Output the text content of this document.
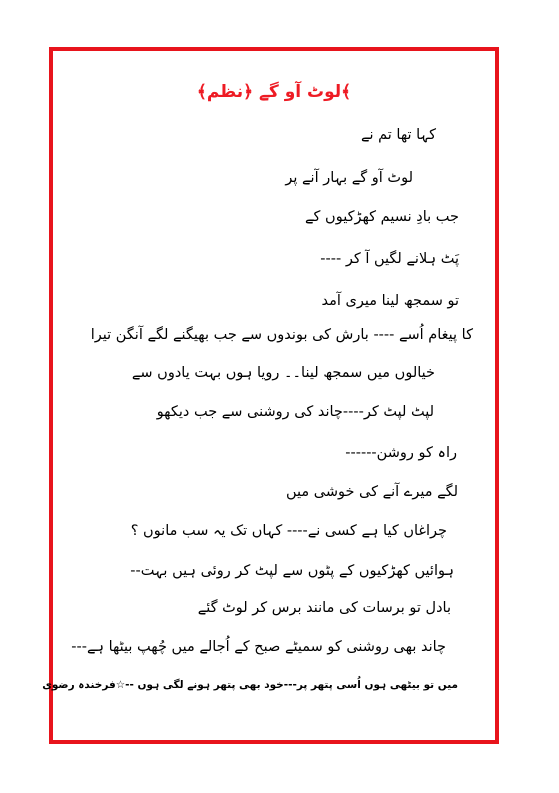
﴾لوٹ آو گے ﴿نظم﴾
کہا تھا تم نے
لوٹ آو گے بہار آنے پر
جب بادِ نسیم کھڑکیوں کے
پَٹ ہلانے لگیں آ کر ----
تو سمجھ لینا میری آمد
کا پیغام اُسے ---- بارش کی بوندوں سے جب بھیگنے لگے آنگن تیرا
خیالوں میں سمجھ لینا۔۔ رویا ہوں بہت یادوں سے
لپٹ لپٹ کر----چاند کی روشنی سے جب دیکھو
راہ کو روشن------
لگے میرے آنے کی خوشی میں
چراغاں کیا ہے کسی نے---- کہاں تک یہ سب مانوں ؟
ہوائیں کھڑکیوں کے پٹوں سے لپٹ کر روئی ہیں بہت--
بادل تو برسات کی مانند برس کر لوٹ گئے
چاند بھی روشنی کو سمیٹے صبح کے اُجالے میں چُھپ بیٹھا ہے---
میں تو بیٹھی ہوں اُسی پتھر پر---خود بھی پتھر ہونے لگی ہوں --☆فرخندہ رضوی
